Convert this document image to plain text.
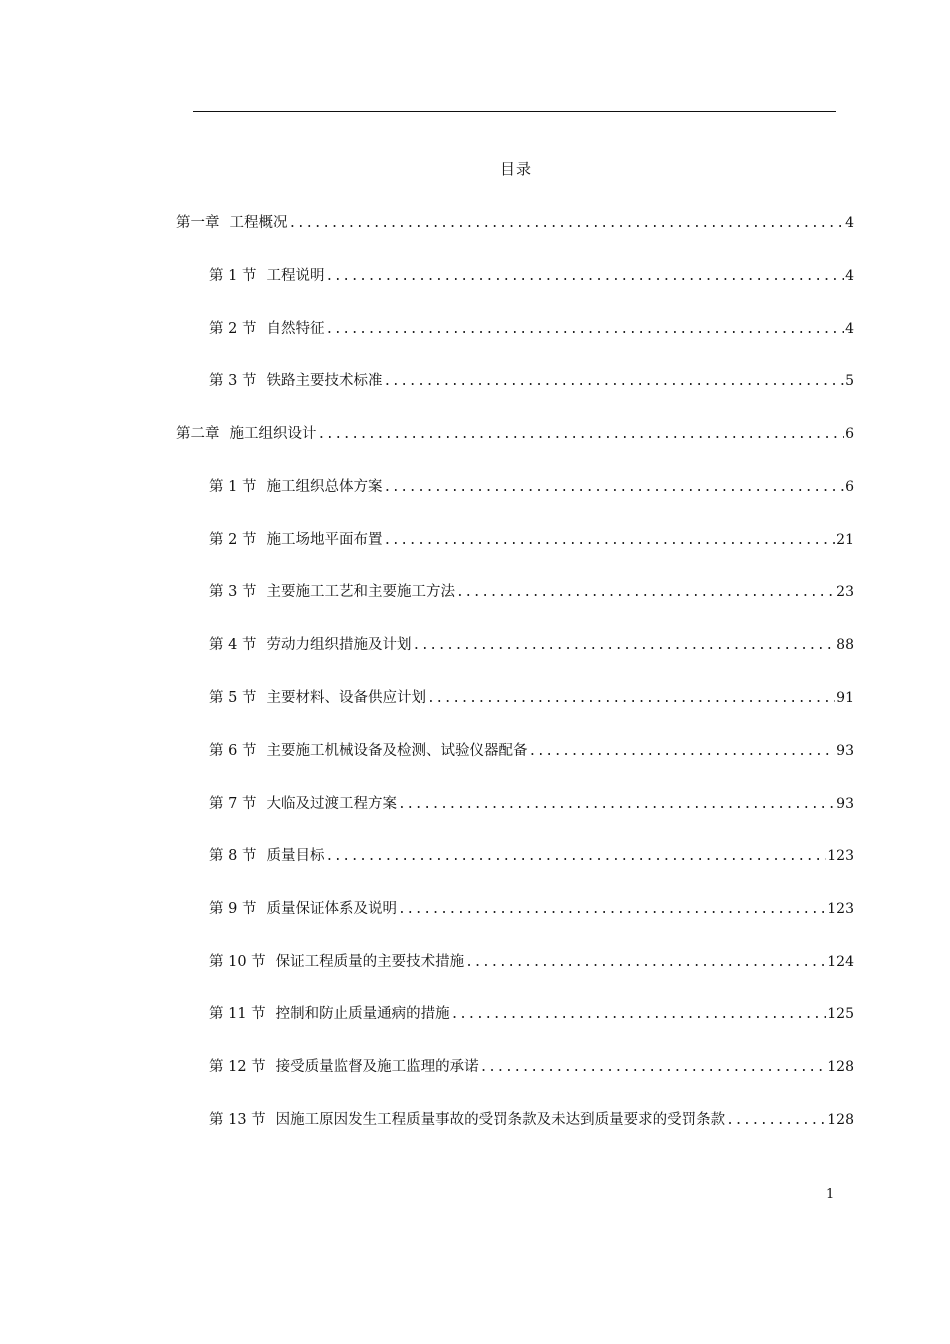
目录
第一章 工程概况 .....	4
第 1 节 工程说明 .....	4
第 2 节 自然特征 .....	4
第 3 节 铁路主要技术标准 .....	5
第二章 施工组织设计 .....	6
第 1 节 施工组织总体方案 .....	6
第 2 节 施工场地平面布置 .....	21
第 3 节 主要施工工艺和主要施工方法 .....	23
第 4 节 劳动力组织措施及计划 .....	88
第 5 节 主要材料、设备供应计划 .....	91
第 6 节 主要施工机械设备及检测、试验仪器配备 .....	93
第 7 节 大临及过渡工程方案 .....	93
第 8 节 质量目标 .....	123
第 9 节 质量保证体系及说明 .....	123
第 10 节 保证工程质量的主要技术措施 .....	124
第 11 节 控制和防止质量通病的措施 .....	125
第 12 节 接受质量监督及施工监理的承诺 .....	128
第 13 节 因施工原因发生工程质量事故的受罚条款及未达到质量要求的受罚条款 .....	128
1
